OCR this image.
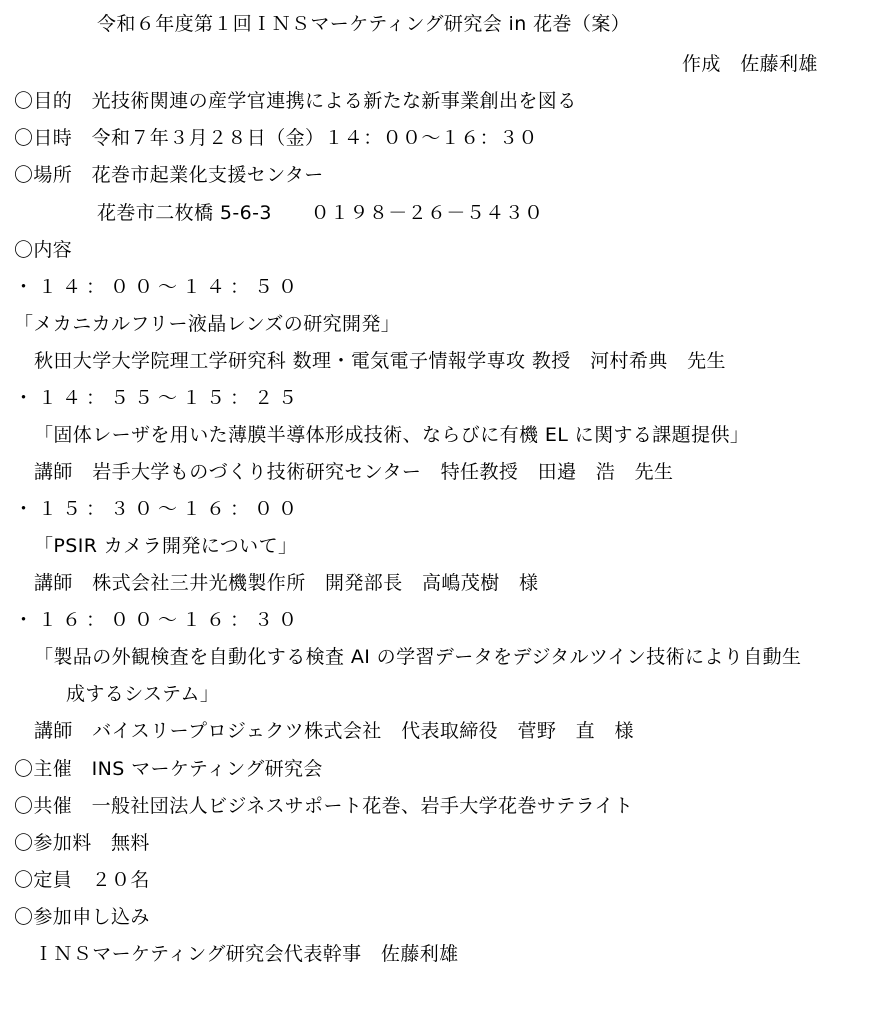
令和６年度第１回ＩＮＳマーケティング研究会 in 花巻（案）
作成　佐藤利雄
〇目的　光技術関連の産学官連携による新たな新事業創出を図る
〇日時　令和７年３月２８日（金）１４：００～１６：３０
〇場所　花巻市起業化支援センター
花巻市二枚橋 5-6-3　　０１９８－２６－５４３０
〇内容
・１４：００～１４：５０
「メカニカルフリー液晶レンズの研究開発」
秋田大学大学院理工学研究科 数理・電気電子情報学専攻 教授　河村希典　先生
・１４：５５～１５：２５
「固体レーザを用いた薄膜半導体形成技術、ならびに有機 EL に関する課題提供」
講師　岩手大学ものづくり技術研究センター　特任教授　田邉　浩　先生
・１５：３０～１６：００
「PSIR カメラ開発について」
講師　株式会社三井光機製作所　開発部長　高嶋茂樹　様
・１６：００～１６：３０
「製品の外観検査を自動化する検査 AI の学習データをデジタルツイン技術により自動生
成するシステム」
講師　バイスリープロジェクツ株式会社　代表取締役　菅野　直　様
〇主催　INS マーケティング研究会
〇共催　一般社団法人ビジネスサポート花巻、岩手大学花巻サテライト
〇参加料　無料
〇定員　２０名
〇参加申し込み
ＩＮＳマーケティング研究会代表幹事　佐藤利雄
